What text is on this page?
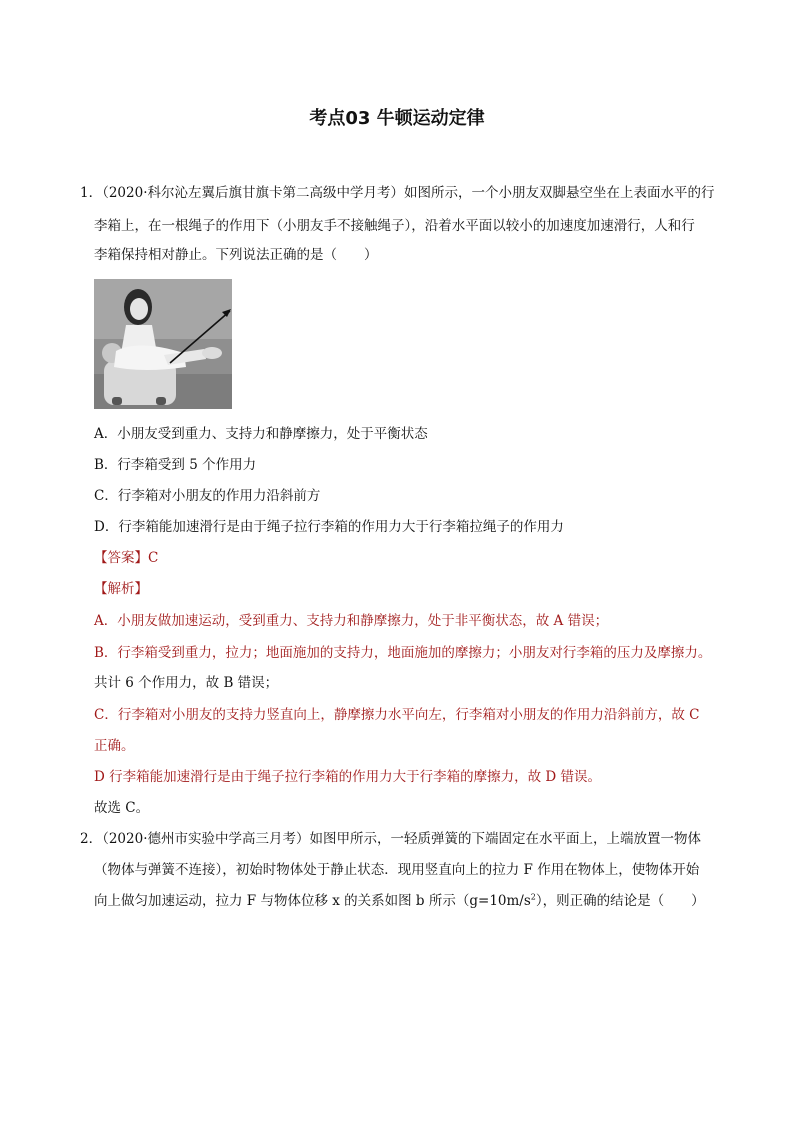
考点03 牛顿运动定律
1．（2020·科尔沁左翼后旗甘旗卡第二高级中学月考）如图所示，一个小朋友双脚悬空坐在上表面水平的行
李箱上，在一根绳子的作用下（小朋友手不接触绳子），沿着水平面以较小的加速度加速滑行，人和行
李箱保持相对静止。下列说法正确的是（　　）
A．小朋友受到重力、支持力和静摩擦力，处于平衡状态
B．行李箱受到 5 个作用力
C．行李箱对小朋友的作用力沿斜前方
D．行李箱能加速滑行是由于绳子拉行李箱的作用力大于行李箱拉绳子的作用力
【答案】C
【解析】
A．小朋友做加速运动，受到重力、支持力和静摩擦力，处于非平衡状态，故 A 错误；
B．行李箱受到重力，拉力；地面施加的支持力，地面施加的摩擦力；小朋友对行李箱的压力及摩擦力。
共计 6 个作用力，故 B 错误；
C．行李箱对小朋友的支持力竖直向上，静摩擦力水平向左，行李箱对小朋友的作用力沿斜前方，故 C
正确。
D 行李箱能加速滑行是由于绳子拉行李箱的作用力大于行李箱的摩擦力，故 D 错误。
故选 C。
2．（2020·德州市实验中学高三月考）如图甲所示，一轻质弹簧的下端固定在水平面上，上端放置一物体
（物体与弹簧不连接），初始时物体处于静止状态．现用竖直向上的拉力 F 作用在物体上，使物体开始
向上做匀加速运动，拉力 F 与物体位移 x 的关系如图 b 所示$(g=10m/s^2)$，则正确的结论是（　　）
